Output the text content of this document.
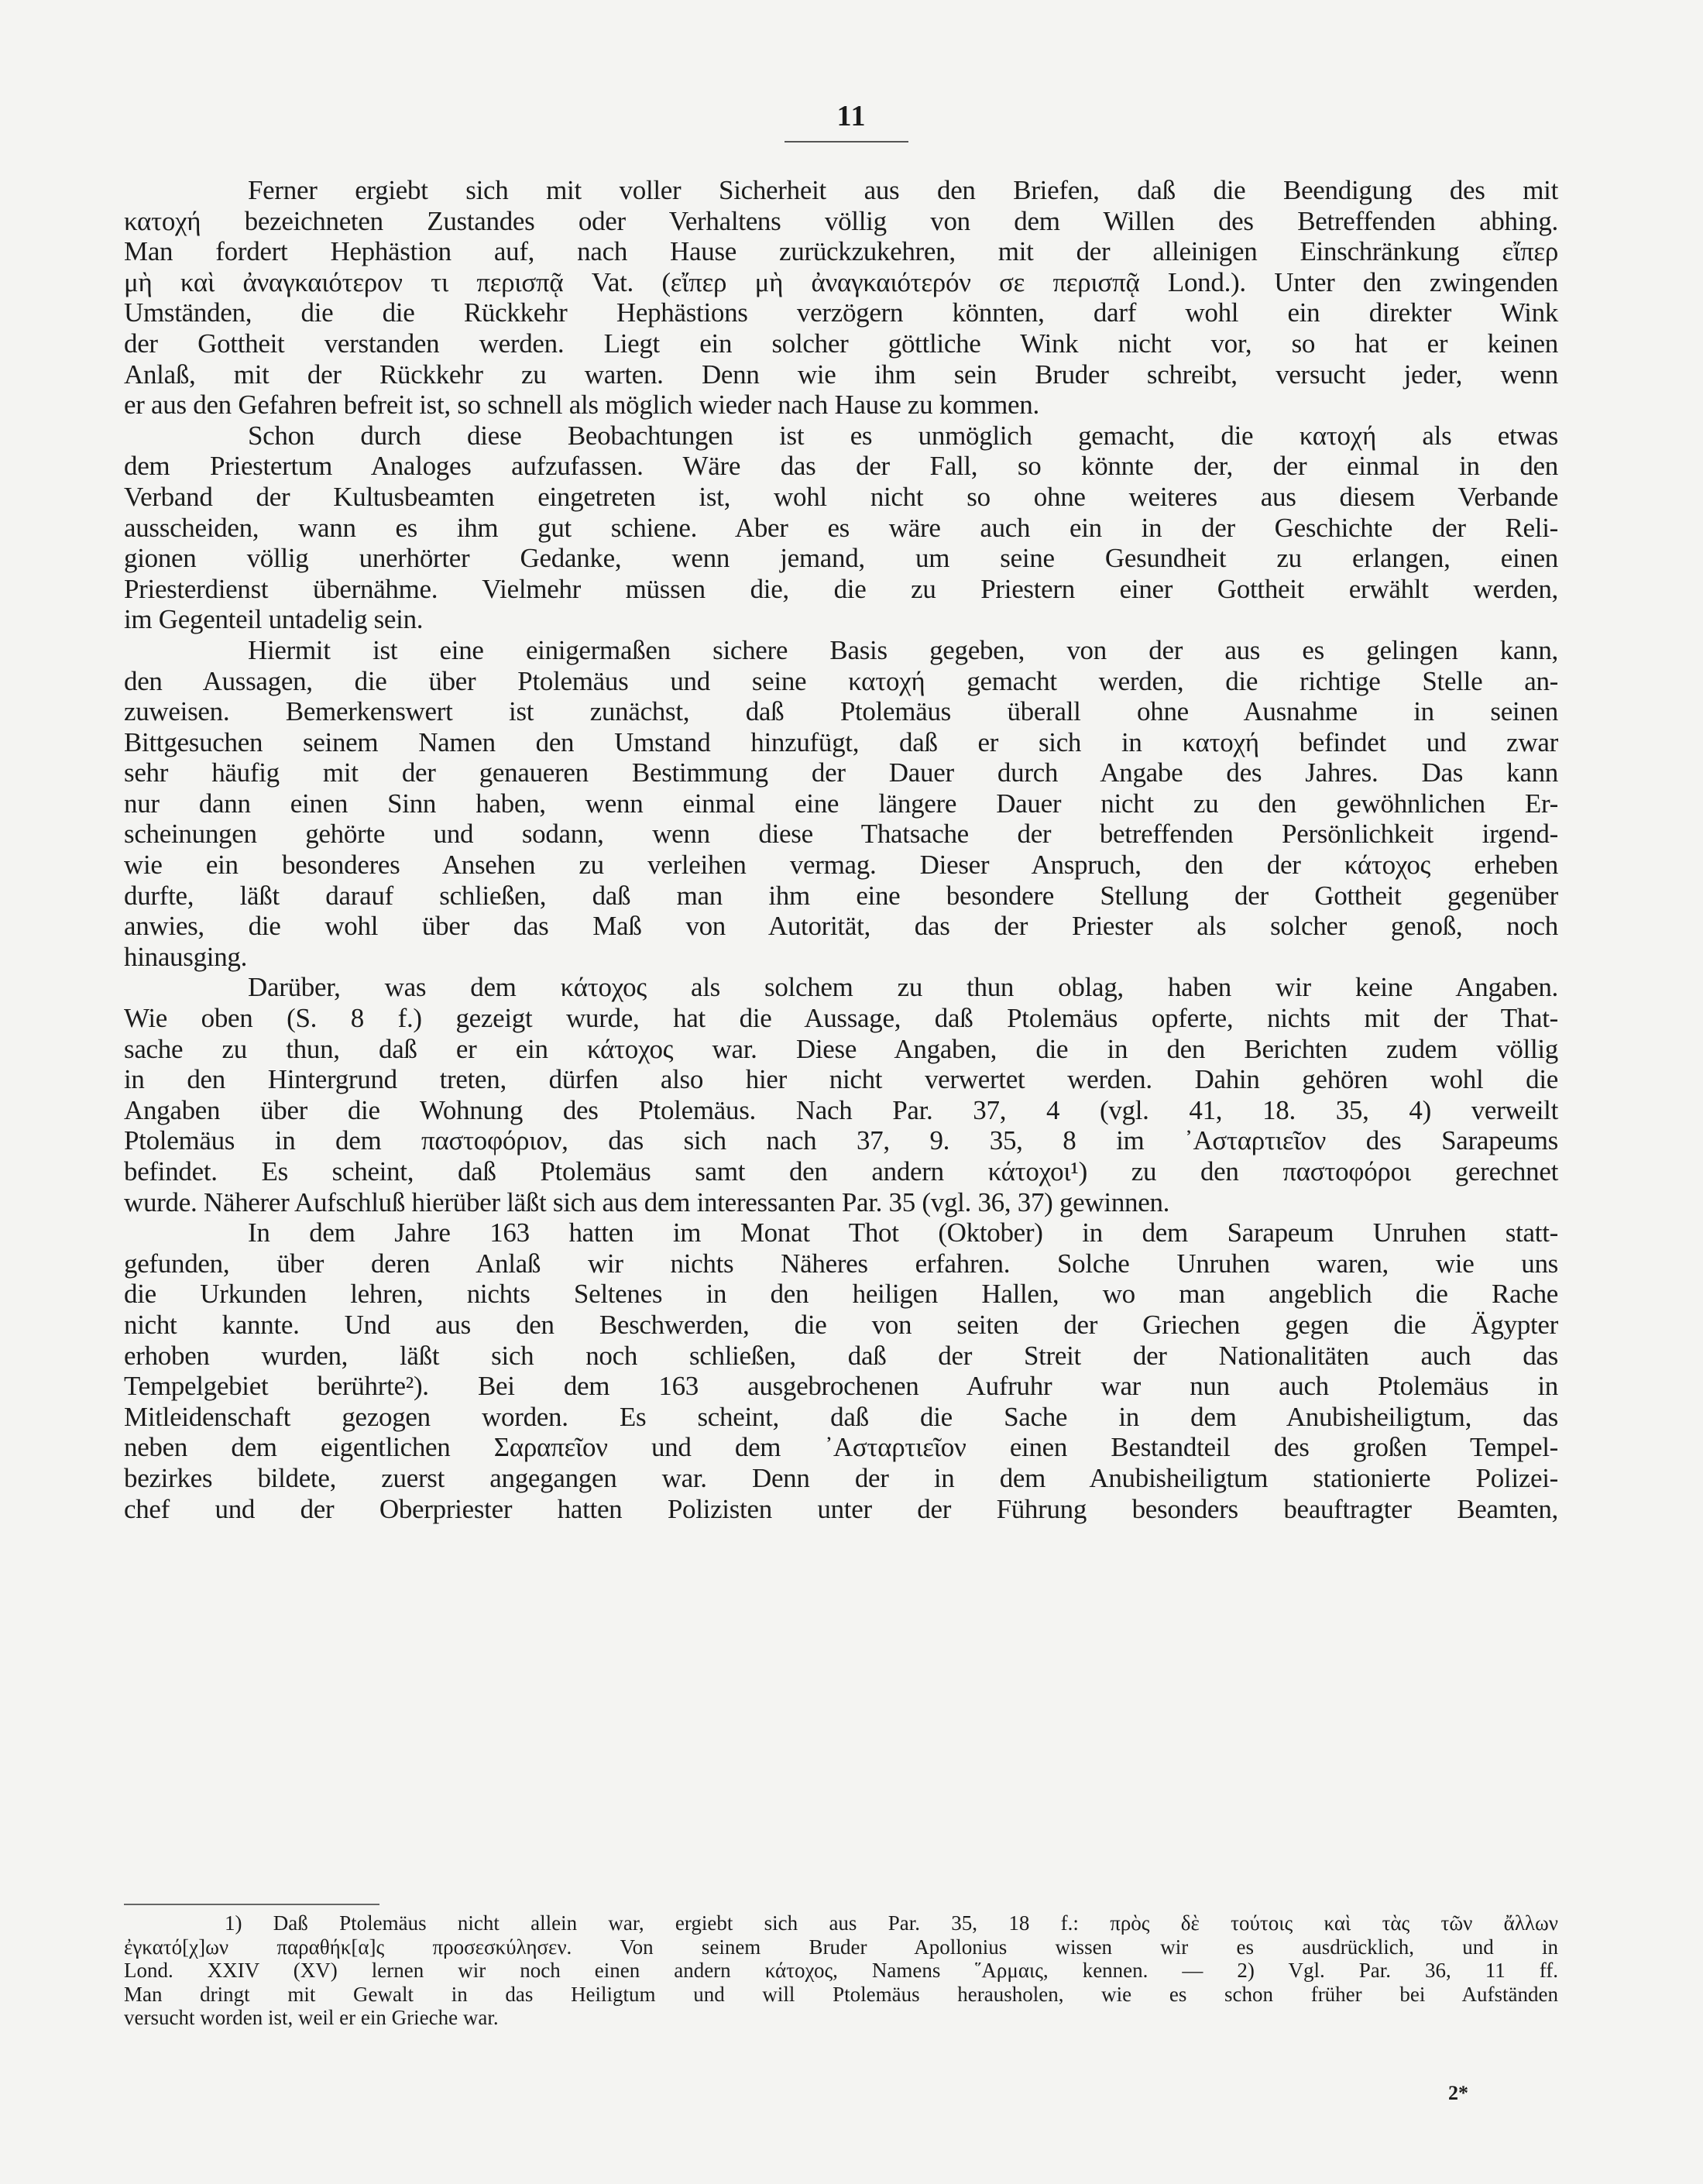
11
Ferner ergiebt sich mit voller Sicherheit aus den Briefen, daß die Beendigung des mit
κατοχή bezeichneten Zustandes oder Verhaltens völlig von dem Willen des Betreffenden abhing.
Man fordert Hephästion auf, nach Hause zurückzukehren, mit der alleinigen Einschränkung εἴπερ
μὴ καὶ ἀναγκαιότερον τι περισπᾷ Vat. (εἴπερ μὴ ἀναγκαιότερόν σε περισπᾷ Lond.). Unter den zwingenden
Umständen, die die Rückkehr Hephästions verzögern könnten, darf wohl ein direkter Wink
der Gottheit verstanden werden. Liegt ein solcher göttliche Wink nicht vor, so hat er keinen
Anlaß, mit der Rückkehr zu warten. Denn wie ihm sein Bruder schreibt, versucht jeder, wenn
er aus den Gefahren befreit ist, so schnell als möglich wieder nach Hause zu kommen.
Schon durch diese Beobachtungen ist es unmöglich gemacht, die κατοχή als etwas
dem Priestertum Analoges aufzufassen. Wäre das der Fall, so könnte der, der einmal in den
Verband der Kultusbeamten eingetreten ist, wohl nicht so ohne weiteres aus diesem Verbande
ausscheiden, wann es ihm gut schiene. Aber es wäre auch ein in der Geschichte der Reli-
gionen völlig unerhörter Gedanke, wenn jemand, um seine Gesundheit zu erlangen, einen
Priesterdienst übernähme. Vielmehr müssen die, die zu Priestern einer Gottheit erwählt werden,
im Gegenteil untadelig sein.
Hiermit ist eine einigermaßen sichere Basis gegeben, von der aus es gelingen kann,
den Aussagen, die über Ptolemäus und seine κατοχή gemacht werden, die richtige Stelle an-
zuweisen. Bemerkenswert ist zunächst, daß Ptolemäus überall ohne Ausnahme in seinen
Bittgesuchen seinem Namen den Umstand hinzufügt, daß er sich in κατοχή befindet und zwar
sehr häufig mit der genaueren Bestimmung der Dauer durch Angabe des Jahres. Das kann
nur dann einen Sinn haben, wenn einmal eine längere Dauer nicht zu den gewöhnlichen Er-
scheinungen gehörte und sodann, wenn diese Thatsache der betreffenden Persönlichkeit irgend-
wie ein besonderes Ansehen zu verleihen vermag. Dieser Anspruch, den der κάτοχος erheben
durfte, läßt darauf schließen, daß man ihm eine besondere Stellung der Gottheit gegenüber
anwies, die wohl über das Maß von Autorität, das der Priester als solcher genoß, noch
hinausging.
Darüber, was dem κάτοχος als solchem zu thun oblag, haben wir keine Angaben.
Wie oben (S. 8 f.) gezeigt wurde, hat die Aussage, daß Ptolemäus opferte, nichts mit der That-
sache zu thun, daß er ein κάτοχος war. Diese Angaben, die in den Berichten zudem völlig
in den Hintergrund treten, dürfen also hier nicht verwertet werden. Dahin gehören wohl die
Angaben über die Wohnung des Ptolemäus. Nach Par. 37, 4 (vgl. 41, 18. 35, 4) verweilt
Ptolemäus in dem παστοφόριον, das sich nach 37, 9. 35, 8 im ᾿Ασταρτιεῖον des Sarapeums
befindet. Es scheint, daß Ptolemäus samt den andern κάτοχοι¹) zu den παστοφόροι gerechnet
wurde. Näherer Aufschluß hierüber läßt sich aus dem interessanten Par. 35 (vgl. 36, 37) gewinnen.
In dem Jahre 163 hatten im Monat Thot (Oktober) in dem Sarapeum Unruhen statt-
gefunden, über deren Anlaß wir nichts Näheres erfahren. Solche Unruhen waren, wie uns
die Urkunden lehren, nichts Seltenes in den heiligen Hallen, wo man angeblich die Rache
nicht kannte. Und aus den Beschwerden, die von seiten der Griechen gegen die Ägypter
erhoben wurden, läßt sich noch schließen, daß der Streit der Nationalitäten auch das
Tempelgebiet berührte²). Bei dem 163 ausgebrochenen Aufruhr war nun auch Ptolemäus in
Mitleidenschaft gezogen worden. Es scheint, daß die Sache in dem Anubisheiligtum, das
neben dem eigentlichen Σαραπεῖον und dem ᾿Ασταρτιεῖον einen Bestandteil des großen Tempel-
bezirkes bildete, zuerst angegangen war. Denn der in dem Anubisheiligtum stationierte Polizei-
chef und der Oberpriester hatten Polizisten unter der Führung besonders beauftragter Beamten,
1) Daß Ptolemäus nicht allein war, ergiebt sich aus Par. 35, 18 f.: πρὸς δὲ τούτοις καὶ τὰς τῶν ἄλλων
ἐγκατό[χ]ων παραθήκ[α]ς προσεσκύλησεν. Von seinem Bruder Apollonius wissen wir es ausdrücklich, und in
Lond. XXIV (XV) lernen wir noch einen andern κάτοχος, Namens ῞Αρμαις, kennen. — 2) Vgl. Par. 36, 11 ff.
Man dringt mit Gewalt in das Heiligtum und will Ptolemäus herausholen, wie es schon früher bei Aufständen
versucht worden ist, weil er ein Grieche war.
2*
